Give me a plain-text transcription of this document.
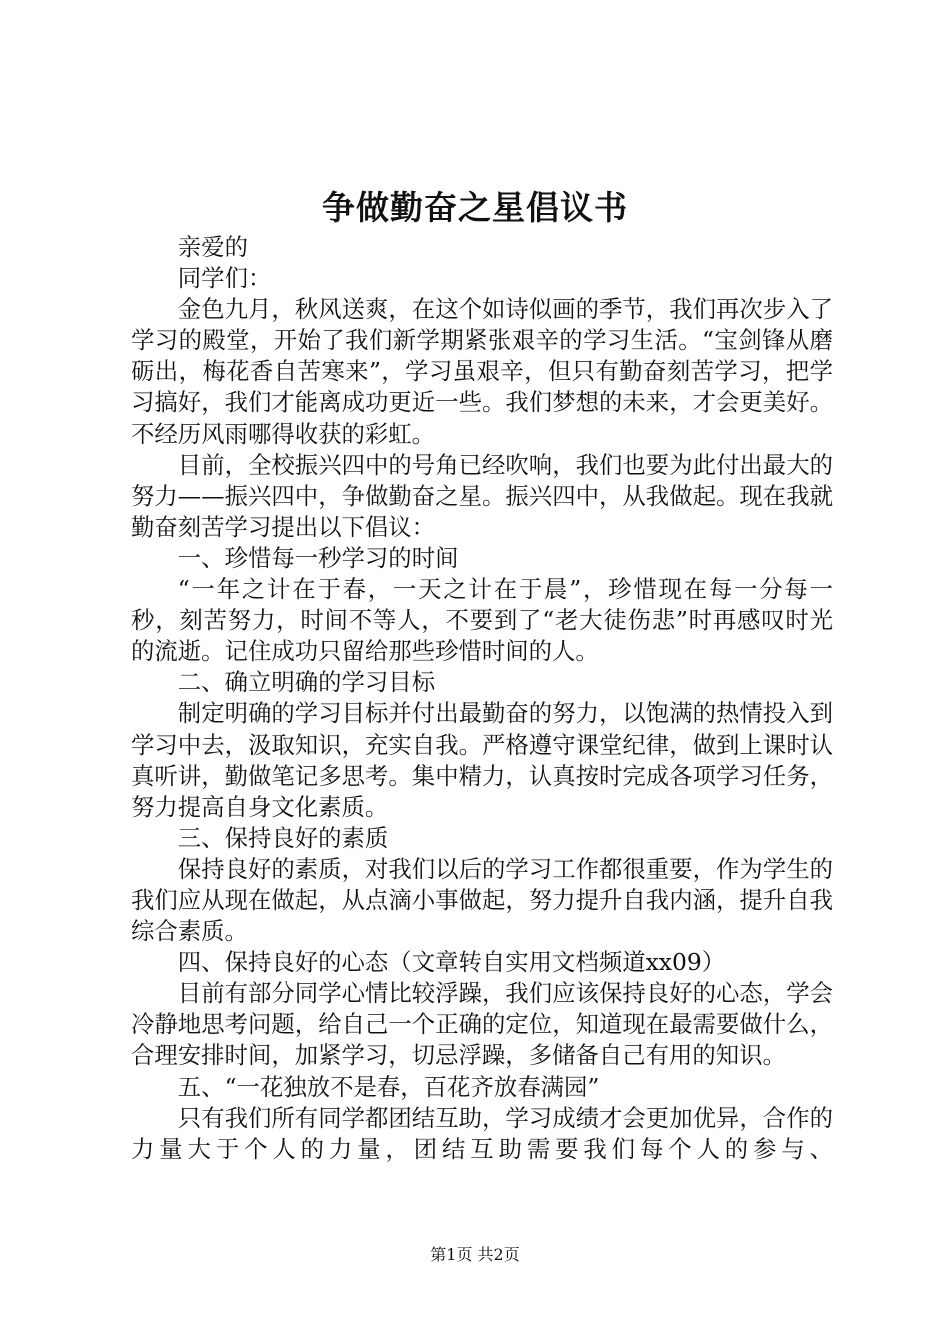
争做勤奋之星倡议书

亲爱的

同学们：

金色九月，秋风送爽，在这个如诗似画的季节，我们再次步入了学习的殿堂，开始了我们新学期紧张艰辛的学习生活。“宝剑锋从磨砺出，梅花香自苦寒来”，学习虽艰辛，但只有勤奋刻苦学习，把学习搞好，我们才能离成功更近一些。我们梦想的未来，才会更美好。不经历风雨哪得收获的彩虹。

目前，全校振兴四中的号角已经吹响，我们也要为此付出最大的努力——振兴四中，争做勤奋之星。振兴四中，从我做起。现在我就勤奋刻苦学习提出以下倡议：

一、珍惜每一秒学习的时间

“一年之计在于春，一天之计在于晨”，珍惜现在每一分每一秒，刻苦努力，时间不等人，不要到了“老大徒伤悲”时再感叹时光的流逝。记住成功只留给那些珍惜时间的人。

二、确立明确的学习目标

制定明确的学习目标并付出最勤奋的努力，以饱满的热情投入到学习中去，汲取知识，充实自我。严格遵守课堂纪律，做到上课时认真听讲，勤做笔记多思考。集中精力，认真按时完成各项学习任务，努力提高自身文化素质。

三、保持良好的素质

保持良好的素质，对我们以后的学习工作都很重要，作为学生的我们应从现在做起，从点滴小事做起，努力提升自我内涵，提升自我综合素质。

四、保持良好的心态（文章转自实用文档频道xx09）

目前有部分同学心情比较浮躁，我们应该保持良好的心态，学会冷静地思考问题，给自己一个正确的定位，知道现在最需要做什么，合理安排时间，加紧学习，切忌浮躁，多储备自己有用的知识。

五、“一花独放不是春，百花齐放春满园”

只有我们所有同学都团结互助，学习成绩才会更加优异，合作的力量大于个人的力量，团结互助需要我们每个人的参与、

第1页 共2页
